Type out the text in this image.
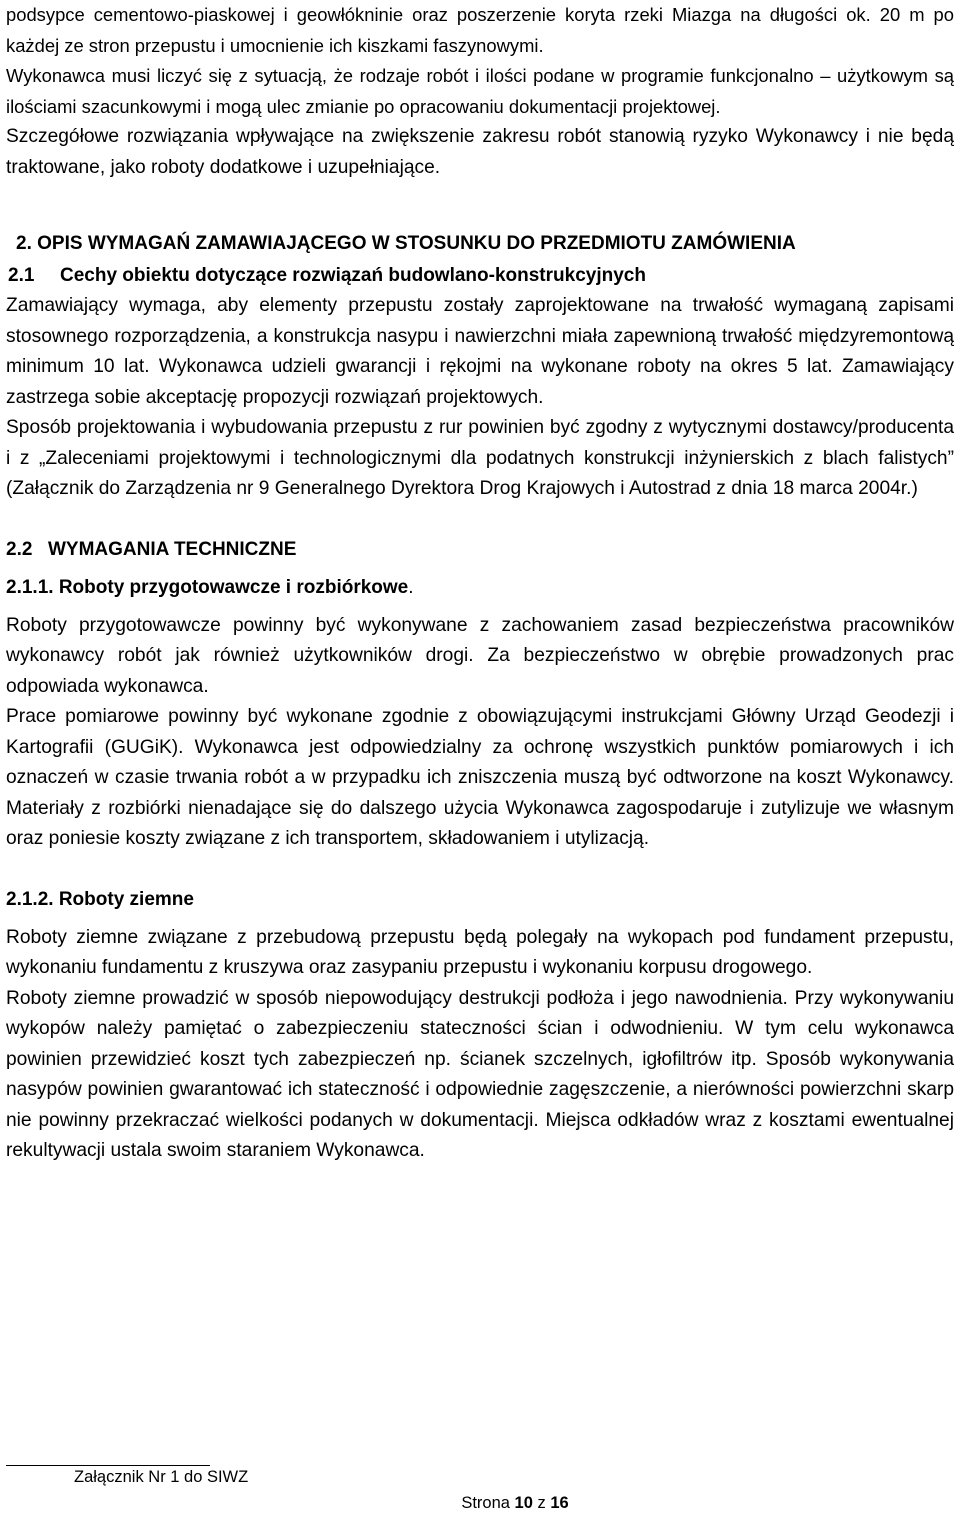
podsypce cementowo-piaskowej i geowłókninie oraz poszerzenie koryta rzeki Miazga na długości ok. 20 m po każdej ze stron przepustu i umocnienie ich kiszkami faszynowymi.

Wykonawca musi liczyć się z sytuacją, że rodzaje robót i ilości podane w programie funkcjonalno – użytkowym są ilościami szacunkowymi i mogą ulec zmianie po opracowaniu dokumentacji projektowej.

Szczegółowe rozwiązania wpływające na zwiększenie zakresu robót stanowią ryzyko Wykonawcy i nie będą traktowane, jako roboty dodatkowe i uzupełniające.

2. OPIS WYMAGAŃ ZAMAWIAJĄCEGO W STOSUNKU DO PRZEDMIOTU ZAMÓWIENIA

2.1 Cechy obiektu dotyczące rozwiązań budowlano-konstrukcyjnych

Zamawiający wymaga, aby elementy przepustu zostały zaprojektowane na trwałość wymaganą zapisami stosownego rozporządzenia, a konstrukcja nasypu i nawierzchni miała zapewnioną trwałość międzyremontową minimum 10 lat. Wykonawca udzieli gwarancji i rękojmi na wykonane roboty na okres 5 lat. Zamawiający zastrzega sobie akceptację propozycji rozwiązań projektowych.

Sposób projektowania i wybudowania przepustu z rur powinien być zgodny z wytycznymi dostawcy/producenta i z „Zaleceniami projektowymi i technologicznymi dla podatnych konstrukcji inżynierskich z blach falistych” (Załącznik do Zarządzenia nr 9 Generalnego Dyrektora Drog Krajowych i Autostrad z dnia 18 marca 2004r.)

2.2 WYMAGANIA TECHNICZNE

2.1.1. Roboty przygotowawcze i rozbiórkowe.

Roboty przygotowawcze powinny być wykonywane z zachowaniem zasad bezpieczeństwa pracowników wykonawcy robót jak również użytkowników drogi. Za bezpieczeństwo w obrębie prowadzonych prac odpowiada wykonawca.

Prace pomiarowe powinny być wykonane zgodnie z obowiązującymi instrukcjami Główny Urząd Geodezji i Kartografii (GUGiK). Wykonawca jest odpowiedzialny za ochronę wszystkich punktów pomiarowych i ich oznaczeń w czasie trwania robót a w przypadku ich zniszczenia muszą być odtworzone na koszt Wykonawcy. Materiały z rozbiórki nienadające się do dalszego użycia Wykonawca zagospodaruje i zutylizuje we własnym oraz poniesie koszty związane z ich transportem, składowaniem i utylizacją.

2.1.2. Roboty ziemne

Roboty ziemne związane z przebudową przepustu będą polegały na wykopach pod fundament przepustu, wykonaniu fundamentu z kruszywa oraz zasypaniu przepustu i wykonaniu korpusu drogowego.

Roboty ziemne prowadzić w sposób niepowodujący destrukcji podłoża i jego nawodnienia. Przy wykonywaniu wykopów należy pamiętać o zabezpieczeniu stateczności ścian i odwodnieniu. W tym celu wykonawca powinien przewidzieć koszt tych zabezpieczeń np. ścianek szczelnych, igłofiltrów itp. Sposób wykonywania nasypów powinien gwarantować ich stateczność i odpowiednie zagęszczenie, a nierówności powierzchni skarp nie powinny przekraczać wielkości podanych w dokumentacji. Miejsca odkładów wraz z kosztami ewentualnej rekultywacji ustala swoim staraniem Wykonawca.

Załącznik Nr 1 do SIWZ
Strona 10 z 16
